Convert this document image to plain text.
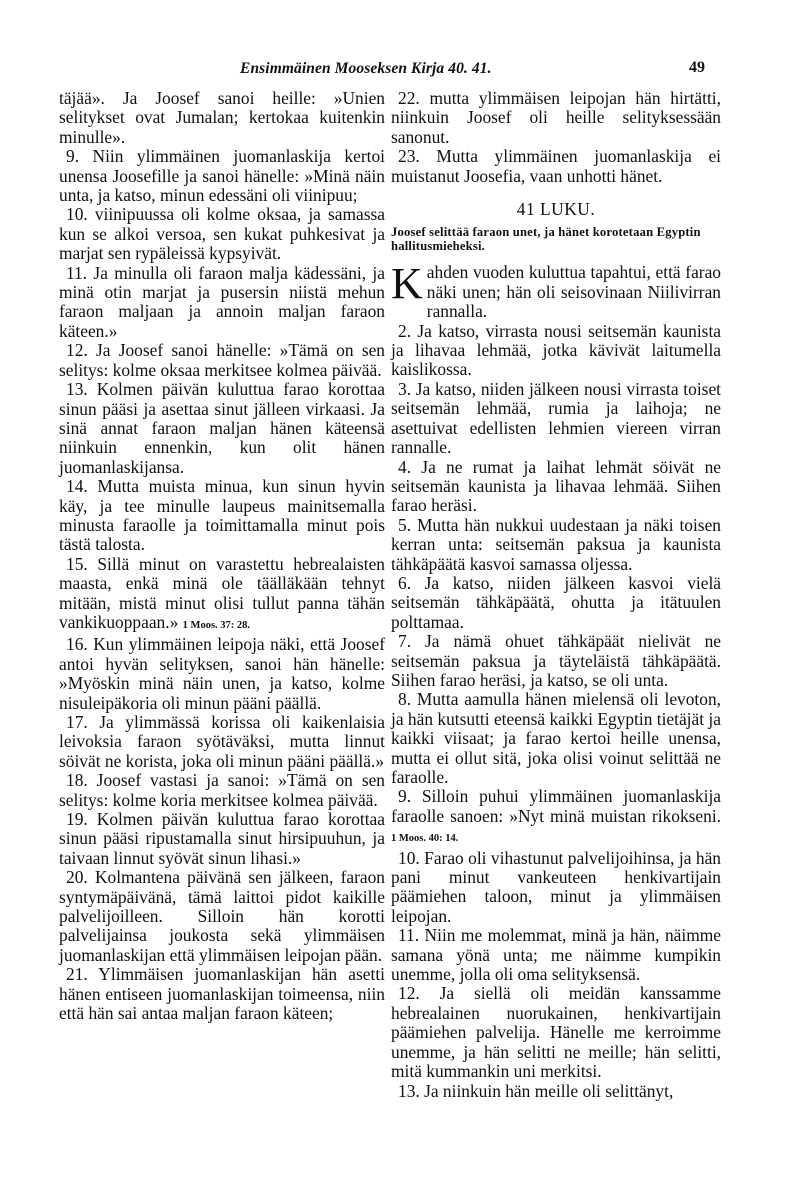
Ensimmäinen Mooseksen Kirja 40. 41.	49

täjää». Ja Joosef sanoi heille: »Unien selitykset ovat Jumalan; kertokaa kuitenkin minulle».

9. Niin ylimmäinen juomanlaskija kertoi unensa Joosefille ja sanoi hänelle: »Minä näin unta, ja katso, minun edessäni oli viinipuu;

10. viinipuussa oli kolme oksaa, ja samassa kun se alkoi versoa, sen kukat puhkesivat ja marjat sen rypäleissä kypsyivät.

11. Ja minulla oli faraon malja kädessäni, ja minä otin marjat ja pusersin niistä mehun faraon maljaan ja annoin maljan faraon käteen.»

12. Ja Joosef sanoi hänelle: »Tämä on sen selitys: kolme oksaa merkitsee kolmea päivää.

13. Kolmen päivän kuluttua farao korottaa sinun pääsi ja asettaa sinut jälleen virkaasi. Ja sinä annat faraon maljan hänen käteensä niinkuin ennenkin, kun olit hänen juomanlaskijansa.

14. Mutta muista minua, kun sinun hyvin käy, ja tee minulle laupeus mainitsemalla minusta faraolle ja toimittamalla minut pois tästä talosta.

15. Sillä minut on varastettu hebrealaisten maasta, enkä minä ole täälläkään tehnyt mitään, mistä minut olisi tullut panna tähän vankikuoppaan.» 1 Moos. 37: 28.

16. Kun ylimmäinen leipoja näki, että Joosef antoi hyvän selityksen, sanoi hän hänelle: »Myöskin minä näin unen, ja katso, kolme nisuleipäkoria oli minun pääni päällä.

17. Ja ylimmässä korissa oli kaikenlaisia leivoksia faraon syötäväksi, mutta linnut söivät ne korista, joka oli minun pääni päällä.»

18. Joosef vastasi ja sanoi: »Tämä on sen selitys: kolme koria merkitsee kolmea päivää.

19. Kolmen päivän kuluttua farao korottaa sinun pääsi ripustamalla sinut hirsipuuhun, ja taivaan linnut syövät sinun lihasi.»

20. Kolmantena päivänä sen jälkeen, faraon syntymäpäivänä, tämä laittoi pidot kaikille palvelijoilleen. Silloin hän korotti palvelijainsa joukosta sekä ylimmäisen juomanlaskijan että ylimmäisen leipojan pään.

21. Ylimmäisen juomanlaskijan hän asetti hänen entiseen juomanlaskijan toimeensa, niin että hän sai antaa maljan faraon käteen;

22. mutta ylimmäisen leipojan hän hirtätti, niinkuin Joosef oli heille selityksessään sanonut.

23. Mutta ylimmäinen juomanlaskija ei muistanut Joosefia, vaan unhotti hänet.

41 LUKU.
Joosef selittää faraon unet, ja hänet korotetaan Egyptin hallitusmieheksi.

Kahden vuoden kuluttua tapahtui, että farao näki unen; hän oli seisovinaan Niilivirran rannalla.

2. Ja katso, virrasta nousi seitsemän kaunista ja lihavaa lehmää, jotka kävivät laitumella kaislikossa.

3. Ja katso, niiden jälkeen nousi virrasta toiset seitsemän lehmää, rumia ja laihoja; ne asettuivat edellisten lehmien viereen virran rannalle.

4. Ja ne rumat ja laihat lehmät söivät ne seitsemän kaunista ja lihavaa lehmää. Siihen farao heräsi.

5. Mutta hän nukkui uudestaan ja näki toisen kerran unta: seitsemän paksua ja kaunista tähkäpäätä kasvoi samassa oljessa.

6. Ja katso, niiden jälkeen kasvoi vielä seitsemän tähkäpäätä, ohutta ja itätuulen polttamaa.

7. Ja nämä ohuet tähkäpäät nielivät ne seitsemän paksua ja täyteläistä tähkäpäätä. Siihen farao heräsi, ja katso, se oli unta.

8. Mutta aamulla hänen mielensä oli levoton, ja hän kutsutti eteensä kaikki Egyptin tietäjät ja kaikki viisaat; ja farao kertoi heille unensa, mutta ei ollut sitä, joka olisi voinut selittää ne faraolle.

9. Silloin puhui ylimmäinen juomanlaskija faraolle sanoen: »Nyt minä muistan rikokseni. 1 Moos. 40: 14.

10. Farao oli vihastunut palvelijoihinsa, ja hän pani minut vankeuteen henkivartijain päämiehen taloon, minut ja ylimmäisen leipojan.

11. Niin me molemmat, minä ja hän, näimme samana yönä unta; me näimme kumpikin unemme, jolla oli oma selityksensä.

12. Ja siellä oli meidän kanssamme hebrealainen nuorukainen, henkivartijain päämiehen palvelija. Hänelle me kerroimme unemme, ja hän selitti ne meille; hän selitti, mitä kummankin uni merkitsi.

13. Ja niinkuin hän meille oli selittänyt,
